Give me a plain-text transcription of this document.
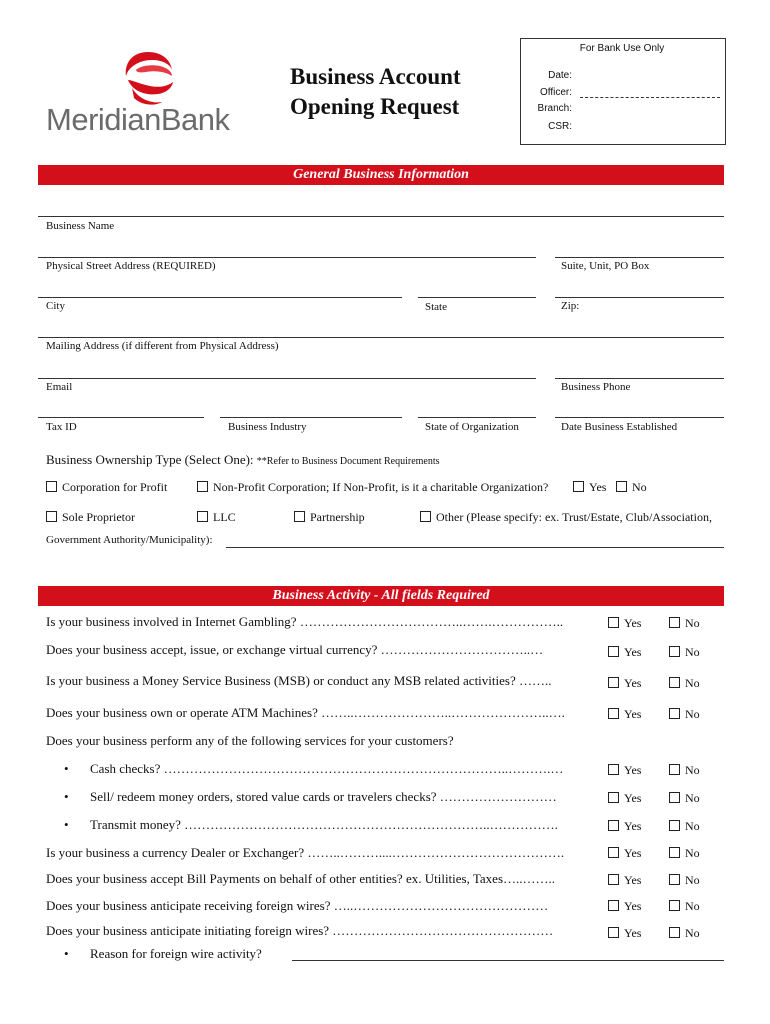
MeridianBank
Business Account
Opening Request
For Bank Use Only
Date:
Officer:
Branch:
CSR:
General Business Information
Business Name
Physical Street Address (REQUIRED)	Suite, Unit, PO Box
City	State	Zip:
Mailing Address (if different from Physical Address)
Email	Business Phone
Tax ID	Business Industry	State of Organization	Date Business Established
Business Ownership Type (Select One): **Refer to Business Document Requirements
Corporation for Profit	Non-Profit Corporation; If Non-Profit, is it a charitable Organization?	Yes	No
Sole Proprietor	LLC	Partnership	Other (Please specify: ex. Trust/Estate, Club/Association,
Government Authority/Municipality):
Business Activity - All fields Required
Is your business involved in Internet Gambling? ………………………………..…….……………..	Yes	No
Does your business accept, issue, or exchange virtual currency? ……………………………..…	Yes	No
Is your business a Money Service Business (MSB) or conduct any MSB related activities? ……..	Yes	No
Does your business own or operate ATM Machines? ……..…………………..…………………..….	Yes	No
Does your business perform any of the following services for your customers?
• Cash checks? ……………………………………………………………………..……….…	Yes	No
• Sell/ redeem money orders, stored value cards or travelers checks? ………………………	Yes	No
• Transmit money? ……………………………………………………………..…………….	Yes	No
Is your business a currency Dealer or Exchanger? ……..………....………………………………….	Yes	No
Does your business accept Bill Payments on behalf of other entities? ex. Utilities, Taxes…..……..	Yes	No
Does your business anticipate receiving foreign wires? …..………………………………………	Yes	No
Does your business anticipate initiating foreign wires? ……………………………………………	Yes	No
• Reason for foreign wire activity?
